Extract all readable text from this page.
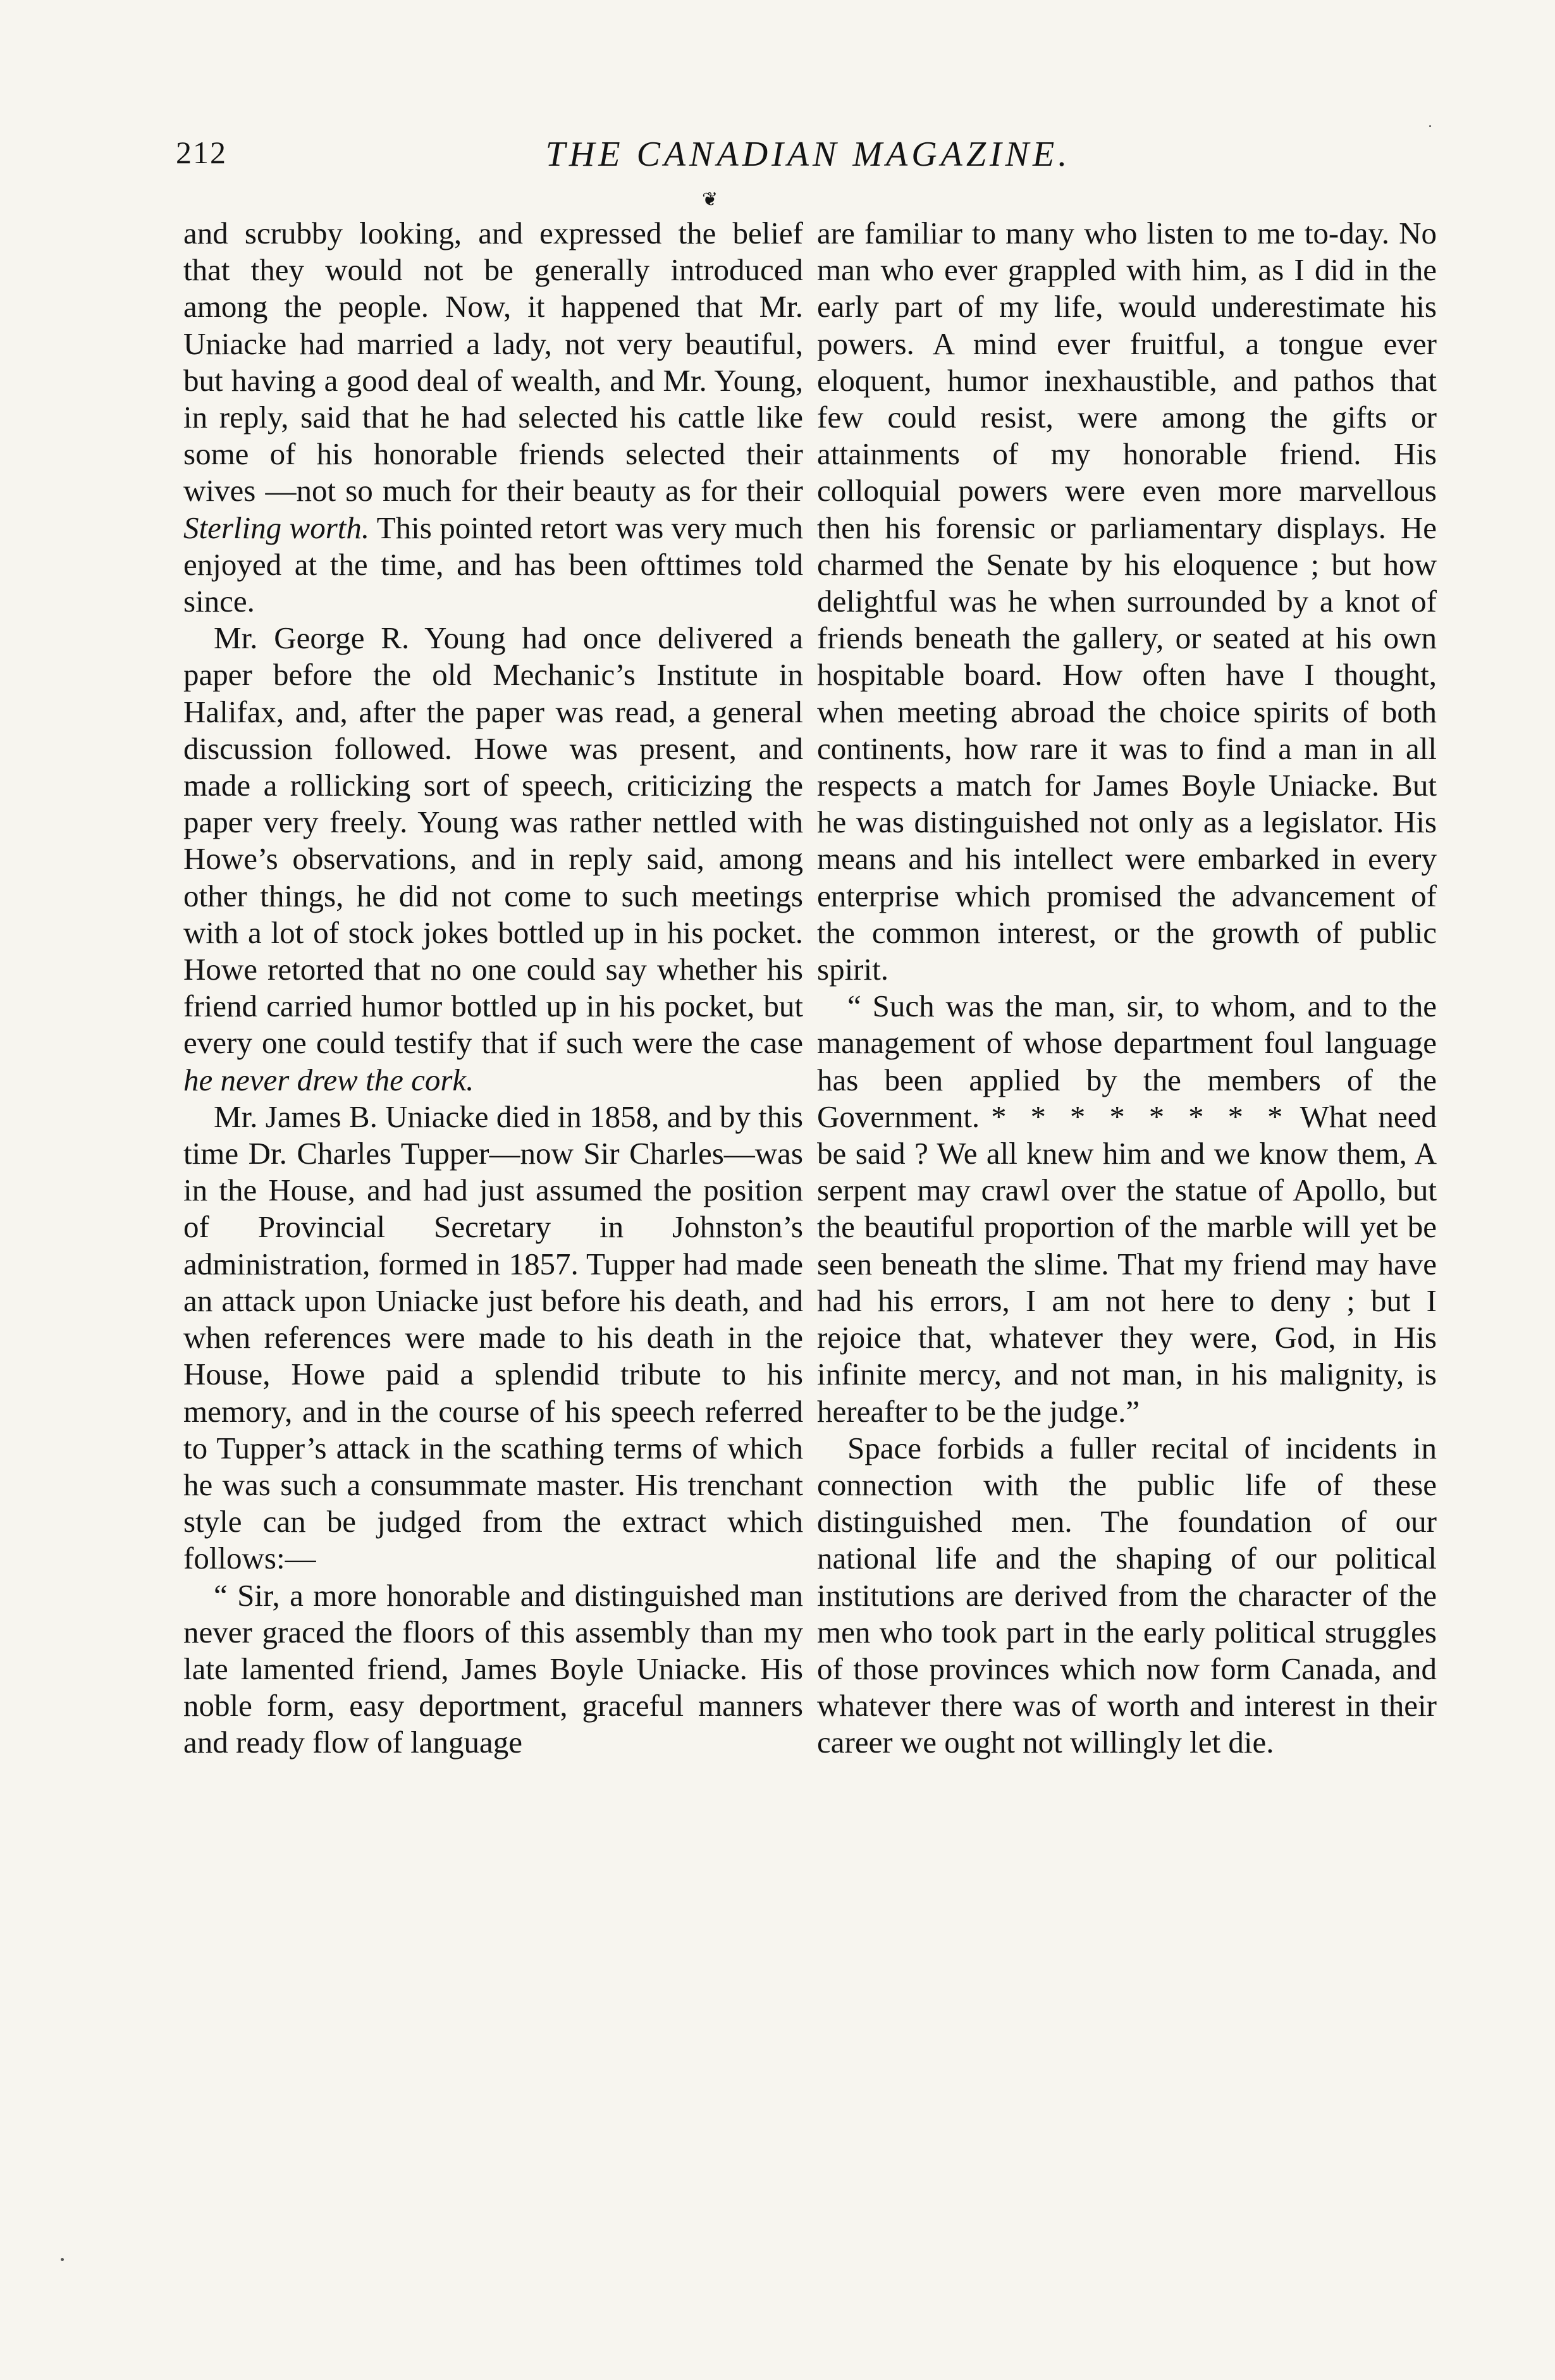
212	THE CANADIAN MAGAZINE.
❦

and scrubby looking, and expressed the belief that they would not be generally introduced among the people. Now, it happened that Mr. Uniacke had married a lady, not very beautiful, but having a good deal of wealth, and Mr. Young, in reply, said that he had selected his cattle like some of his honorable friends selected their wives —not so much for their beauty as for their Sterling worth. This pointed retort was very much enjoyed at the time, and has been ofttimes told since.

Mr. George R. Young had once delivered a paper before the old Mechanic’s Institute in Halifax, and, after the paper was read, a general discussion followed. Howe was present, and made a rollicking sort of speech, criticizing the paper very freely. Young was rather nettled with Howe’s observations, and in reply said, among other things, he did not come to such meetings with a lot of stock jokes bottled up in his pocket. Howe retorted that no one could say whether his friend carried humor bottled up in his pocket, but every one could testify that if such were the case he never drew the cork.

Mr. James B. Uniacke died in 1858, and by this time Dr. Charles Tupper—now Sir Charles—was in the House, and had just assumed the position of Provincial Secretary in Johnston’s administration, formed in 1857. Tupper had made an attack upon Uniacke just before his death, and when references were made to his death in the House, Howe paid a splendid tribute to his memory, and in the course of his speech referred to Tupper’s attack in the scathing terms of which he was such a consummate master. His trenchant style can be judged from the extract which follows:—

“ Sir, a more honorable and distinguished man never graced the floors of this assembly than my late lamented friend, James Boyle Uniacke. His noble form, easy deportment, graceful manners and ready flow of language

are familiar to many who listen to me to-day. No man who ever grappled with him, as I did in the early part of my life, would underestimate his powers. A mind ever fruitful, a tongue ever eloquent, humor inexhaustible, and pathos that few could resist, were among the gifts or attainments of my honorable friend. His colloquial powers were even more marvellous then his forensic or parliamentary displays. He charmed the Senate by his eloquence ; but how delightful was he when surrounded by a knot of friends beneath the gallery, or seated at his own hospitable board. How often have I thought, when meeting abroad the choice spirits of both continents, how rare it was to find a man in all respects a match for James Boyle Uniacke. But he was distinguished not only as a legislator. His means and his intellect were embarked in every enterprise which promised the advancement of the common interest, or the growth of public spirit.

“ Such was the man, sir, to whom, and to the management of whose department foul language has been applied by the members of the Government. * * * * * * * * What need be said ? We all knew him and we know them, A serpent may crawl over the statue of Apollo, but the beautiful proportion of the marble will yet be seen beneath the slime. That my friend may have had his errors, I am not here to deny ; but I rejoice that, whatever they were, God, in His infinite mercy, and not man, in his malignity, is hereafter to be the judge.”

Space forbids a fuller recital of incidents in connection with the public life of these distinguished men. The foundation of our national life and the shaping of our political institutions are derived from the character of the men who took part in the early political struggles of those provinces which now form Canada, and whatever there was of worth and interest in their career we ought not willingly let die.
